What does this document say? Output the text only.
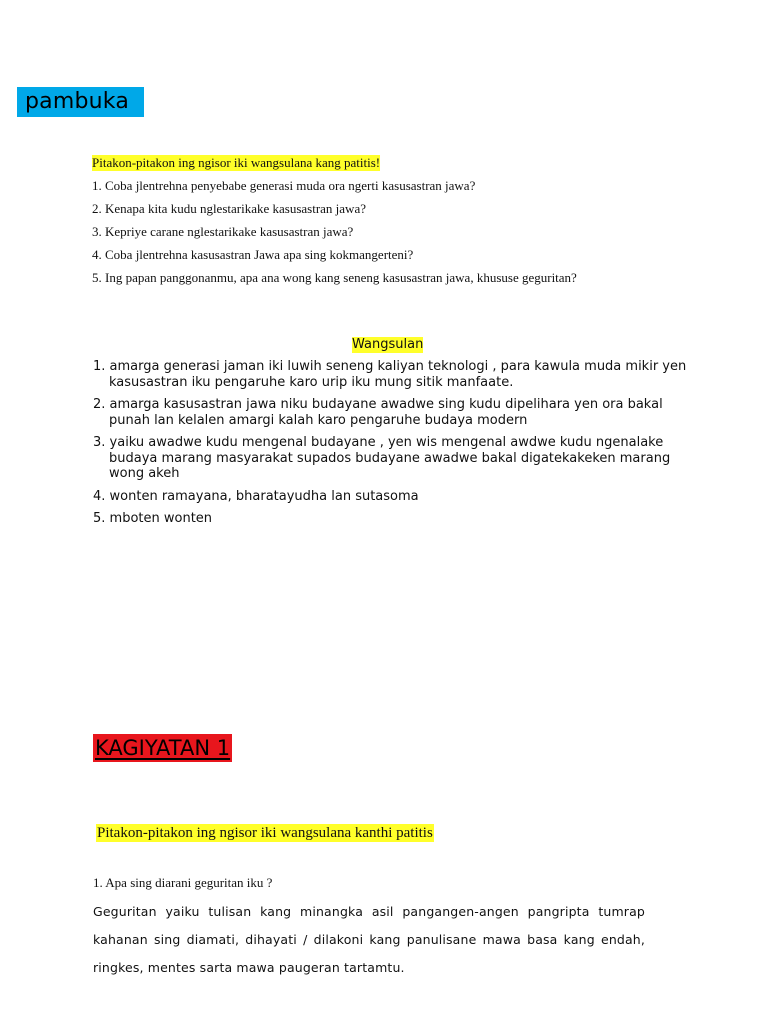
pambuka
Pitakon-pitakon ing ngisor iki wangsulana kang patitis!
1. Coba jlentrehna penyebabe generasi muda ora ngerti kasusastran jawa?
2. Kenapa kita kudu nglestarikake kasusastran jawa?
3. Kepriye carane nglestarikake kasusastran jawa?
4. Coba jlentrehna kasusastran Jawa apa sing kokmangerteni?
5. Ing papan panggonanmu, apa ana wong kang seneng kasusastran jawa, khususe geguritan?
Wangsulan
1. amarga generasi jaman iki luwih seneng kaliyan teknologi , para kawula muda mikir yen kasusastran iku pengaruhe karo urip iku mung sitik manfaate.
2. amarga kasusastran jawa niku budayane awadwe sing kudu dipelihara yen ora bakal punah lan kelalen amargi kalah karo pengaruhe budaya modern
3. yaiku awadwe kudu mengenal budayane , yen wis mengenal awdwe kudu ngenalake budaya marang masyarakat supados budayane awadwe bakal digatekakeken marang wong akeh
4. wonten ramayana, bharatayudha lan sutasoma
5. mboten wonten
KAGIYATAN 1
Pitakon-pitakon ing ngisor iki wangsulana kanthi patitis
1. Apa sing diarani geguritan iku ?
Geguritan yaiku tulisan kang minangka asil pangangen-angen pangripta tumrap kahanan sing diamati, dihayati / dilakoni kang panulisane mawa basa kang endah, ringkes, mentes sarta mawa paugeran tartamtu.
